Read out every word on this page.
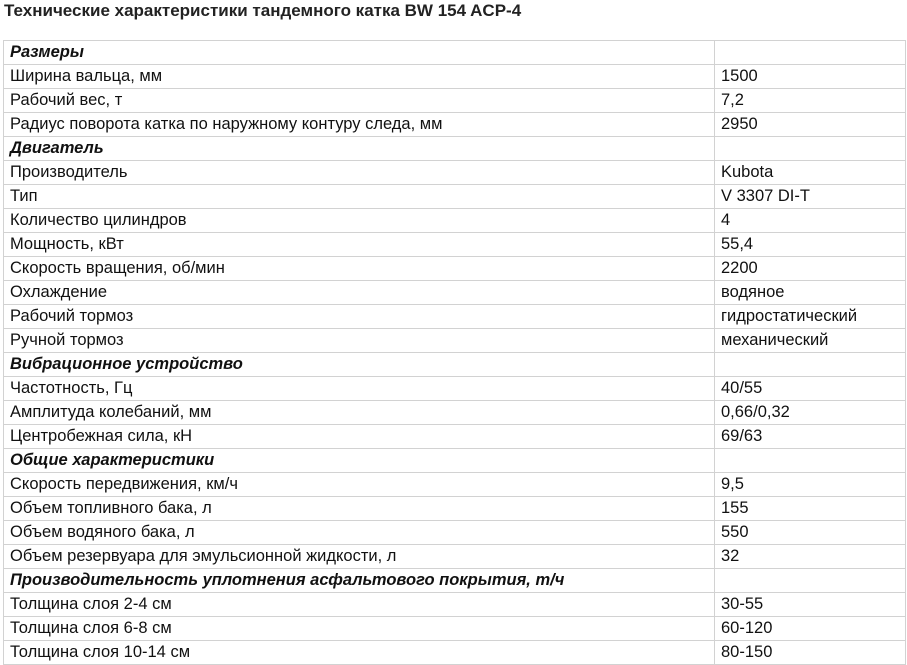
Технические характеристики тандемного катка BW 154 ACP-4
Размеры	
Ширина вальца, мм	1500
Рабочий вес, т	7,2
Радиус поворота катка по наружному контуру следа, мм	2950
Двигатель	
Производитель	Kubota
Тип	V 3307 DI-T
Количество цилиндров	4
Мощность, кВт	55,4
Скорость вращения, об/мин	2200
Охлаждение	водяное
Рабочий тормоз	гидростатический
Ручной тормоз	механический
Вибрационное устройство	
Частотность, Гц	40/55
Амплитуда колебаний, мм	0,66/0,32
Центробежная сила, кН	69/63
Общие характеристики	
Скорость передвижения, км/ч	9,5
Объем топливного бака, л	155
Объем водяного бака, л	550
Объем резервуара для эмульсионной жидкости, л	32
Производительность уплотнения асфальтового покрытия, т/ч	
Толщина слоя 2-4 см	30-55
Толщина слоя 6-8 см	60-120
Толщина слоя 10-14 см	80-150
